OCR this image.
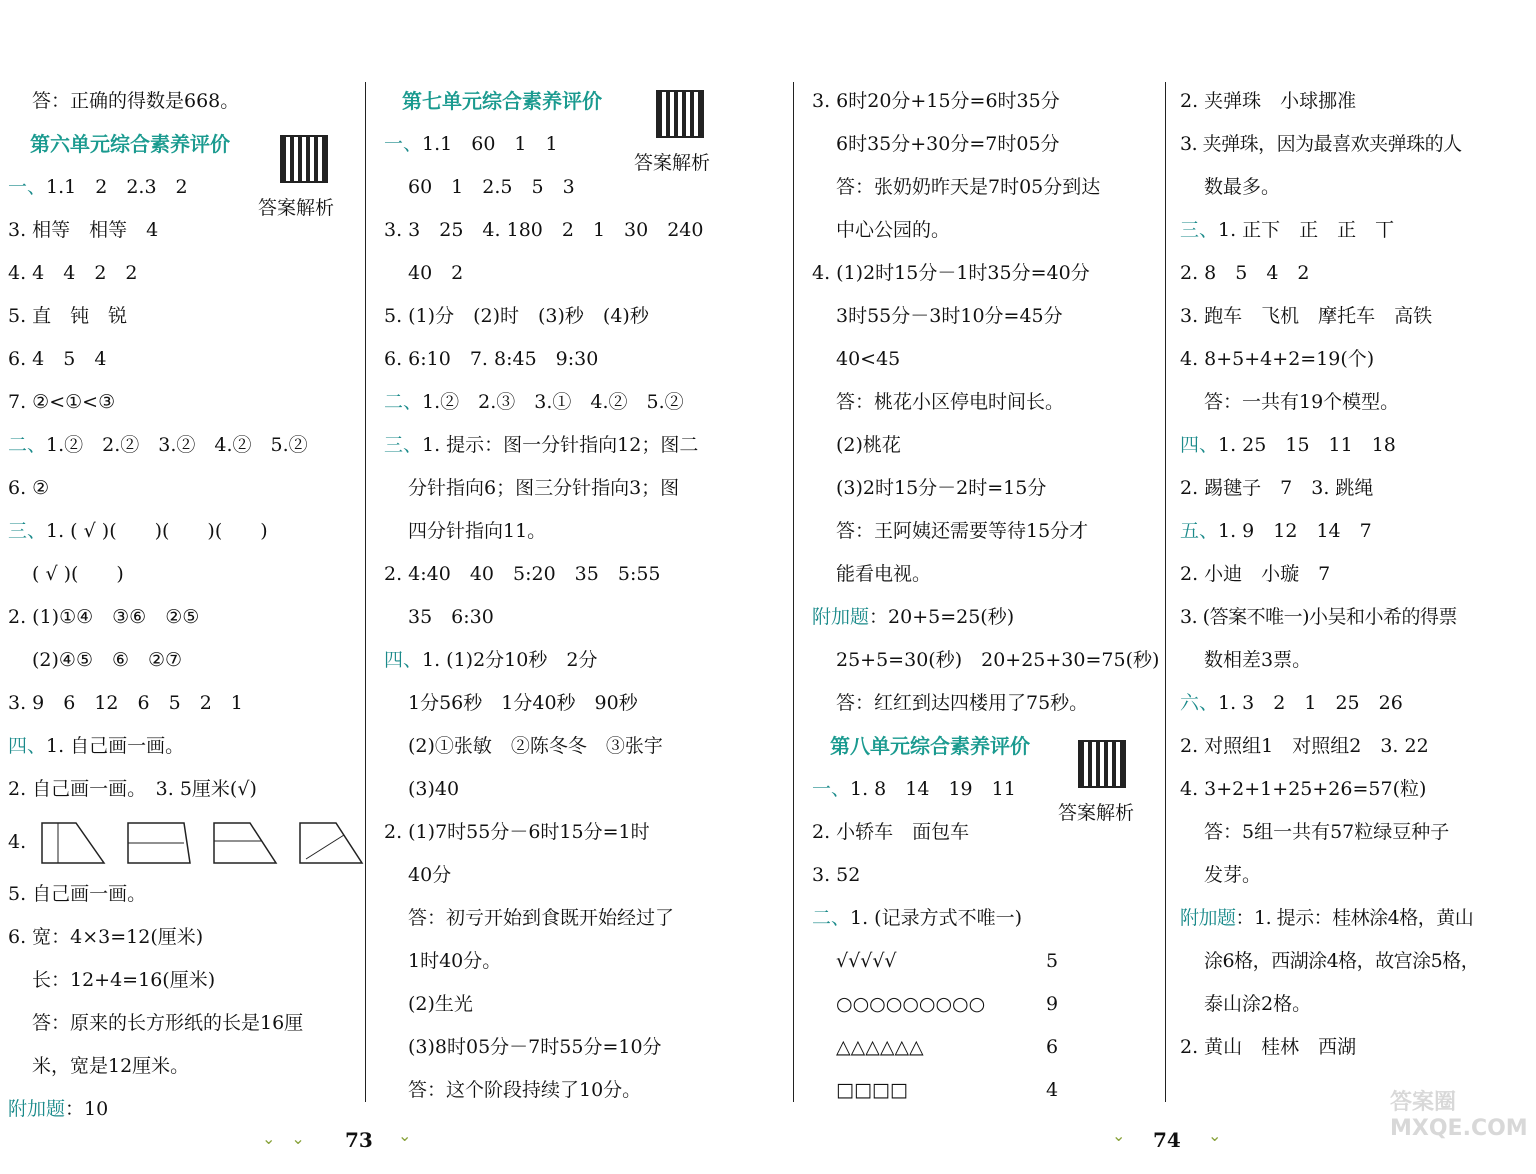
答：正确的得数是668。
第六单元综合素养评价
一、1.1　2　2.3　2
3. 相等　相等　4
4. 4　4　2　2
5. 直　钝　锐
6. 4　5　4
7. ②<①<③
二、1.②　2.②　3.②　4.②　5.②
6. ②
三、1. ( √ )(　　)(　　)(　　)
( √ )(　　)
2. (1)①④　③⑥　②⑤
(2)④⑤　⑥　②⑦
3. 9　6　12　6　5　2　1
四、1. 自己画一画。
2. 自己画一画。　3. 5厘米(√)
4.
5. 自己画一画。
6. 宽：4×3=12(厘米)
长：12+4=16(厘米)
答：原来的长方形纸的长是16厘
米，宽是12厘米。
附加题：10
答案解析
第七单元综合素养评价
一、1.1　60　1　1
60　1　2.5　5　3
3. 3　25　4. 180　2　1　30　240
40　2
5. (1)分　(2)时　(3)秒　(4)秒
6. 6:10　7. 8:45　9:30
二、1.②　2.③　3.①　4.②　5.②
三、1. 提示：图一分针指向12；图二
分针指向6；图三分针指向3；图
四分针指向11。
2. 4:40　40　5:20　35　5:55
35　6:30
四、1. (1)2分10秒　2分
1分56秒　1分40秒　90秒
(2)①张敏　②陈冬冬　③张宇
(3)40
2. (1)7时55分－6时15分=1时
40分
答：初亏开始到食既开始经过了
1时40分。
(2)生光
(3)8时05分－7时55分=10分
答：这个阶段持续了10分。
答案解析
3. 6时20分+15分=6时35分
6时35分+30分=7时05分
答：张奶奶昨天是7时05分到达
中心公园的。
4. (1)2时15分－1时35分=40分
3时55分－3时10分=45分
40<45
答：桃花小区停电时间长。
(2)桃花
(3)2时15分－2时=15分
答：王阿姨还需要等待15分才
能看电视。
附加题：20+5=25(秒)
25+5=30(秒)　20+25+30=75(秒)
答：红红到达四楼用了75秒。
第八单元综合素养评价
一、1. 8　14　19　11
2. 小轿车　面包车
3. 52
二、1. (记录方式不唯一)
√√√√√	5
○○○○○○○○○	9
△△△△△△	6
□□□□	4
答案解析
2. 夹弹珠　小球挪准
3. 夹弹珠，因为最喜欢夹弹珠的人
数最多。
三、1. 正下　正　正　丅
2. 8　5　4　2
3. 跑车　飞机　摩托车　高铁
4. 8+5+4+2=19(个)
答：一共有19个模型。
四、1. 25　15　11　18
2. 踢毽子　7　3. 跳绳
五、1. 9　12　14　7
2. 小迪　小璇　7
3. (答案不唯一)小吴和小希的得票
数相差3票。
六、1. 3　2　1　25　26
2. 对照组1　对照组2　3. 22
4. 3+2+1+25+26=57(粒)
答：5组一共有57粒绿豆种子
发芽。
附加题：1. 提示：桂林涂4格，黄山
涂6格，西湖涂4格，故宫涂5格，
泰山涂2格。
2. 黄山　桂林　西湖
⌄　⌄ 73 ⌄	⌄ 74 ⌄
答案圈 MXQE.COM
